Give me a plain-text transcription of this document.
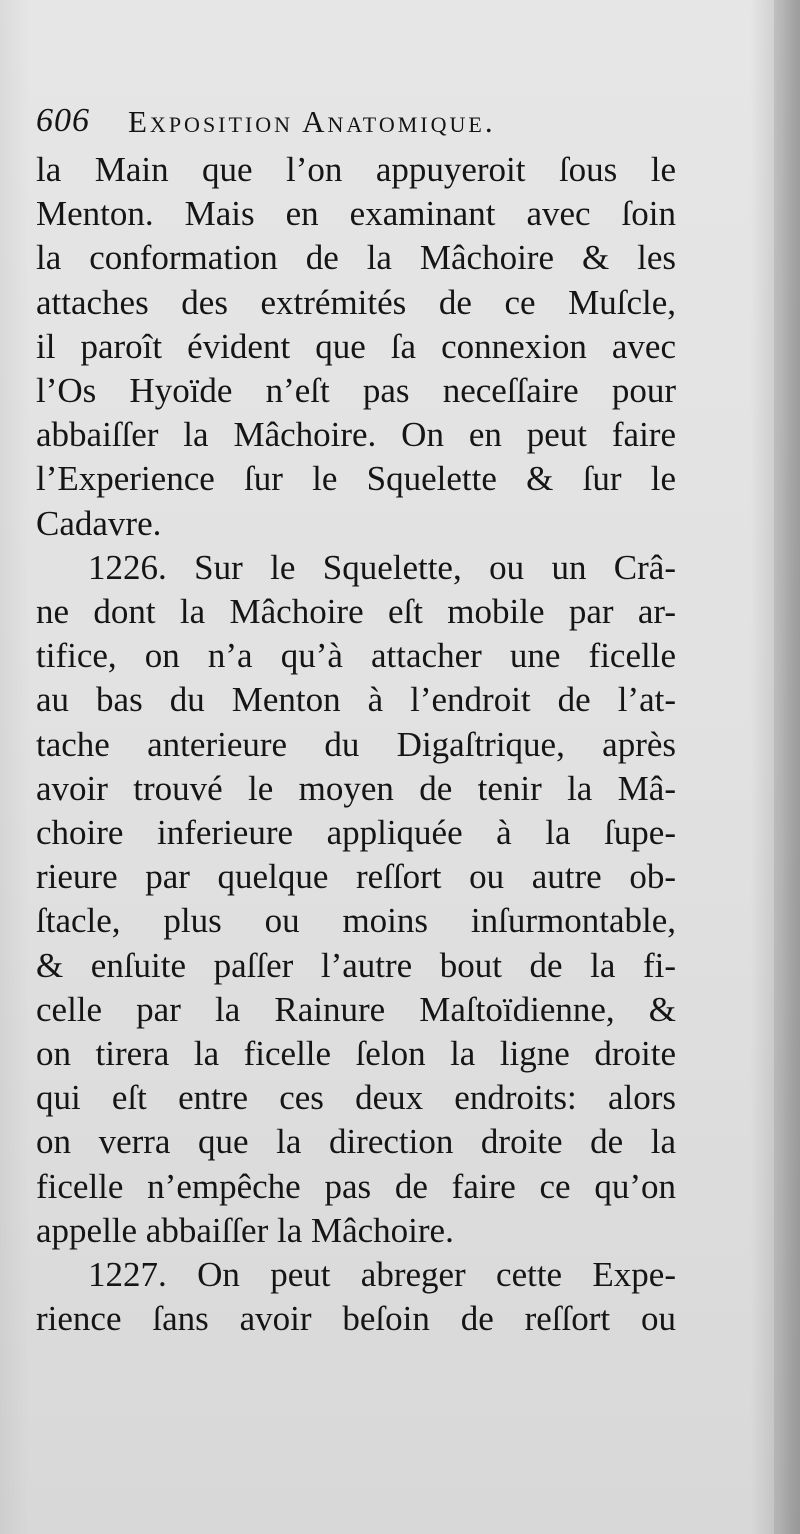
606 Exposition Anatomique.
la Main que l’on appuyeroit ſous le
Menton. Mais en examinant avec ſoin
la conformation de la Mâchoire & les
attaches des extrémités de ce Muſcle,
il paroît évident que ſa connexion avec
l’Os Hyoïde n’eſt pas neceſſaire pour
abbaiſſer la Mâchoire. On en peut faire
l’Experience ſur le Squelette & ſur le
Cadavre.
1226. Sur le Squelette, ou un Crâ-
ne dont la Mâchoire eſt mobile par ar-
tifice, on n’a qu’à attacher une ficelle
au bas du Menton à l’endroit de l’at-
tache anterieure du Digaſtrique, après
avoir trouvé le moyen de tenir la Mâ-
choire inferieure appliquée à la ſupe-
rieure par quelque reſſort ou autre ob-
ſtacle, plus ou moins inſurmontable,
& enſuite paſſer l’autre bout de la fi-
celle par la Rainure Maſtoïdienne, &
on tirera la ficelle ſelon la ligne droite
qui eſt entre ces deux endroits: alors
on verra que la direction droite de la
ficelle n’empêche pas de faire ce qu’on
appelle abbaiſſer la Mâchoire.
1227. On peut abreger cette Expe-
rience ſans avoir beſoin de reſſort ou
